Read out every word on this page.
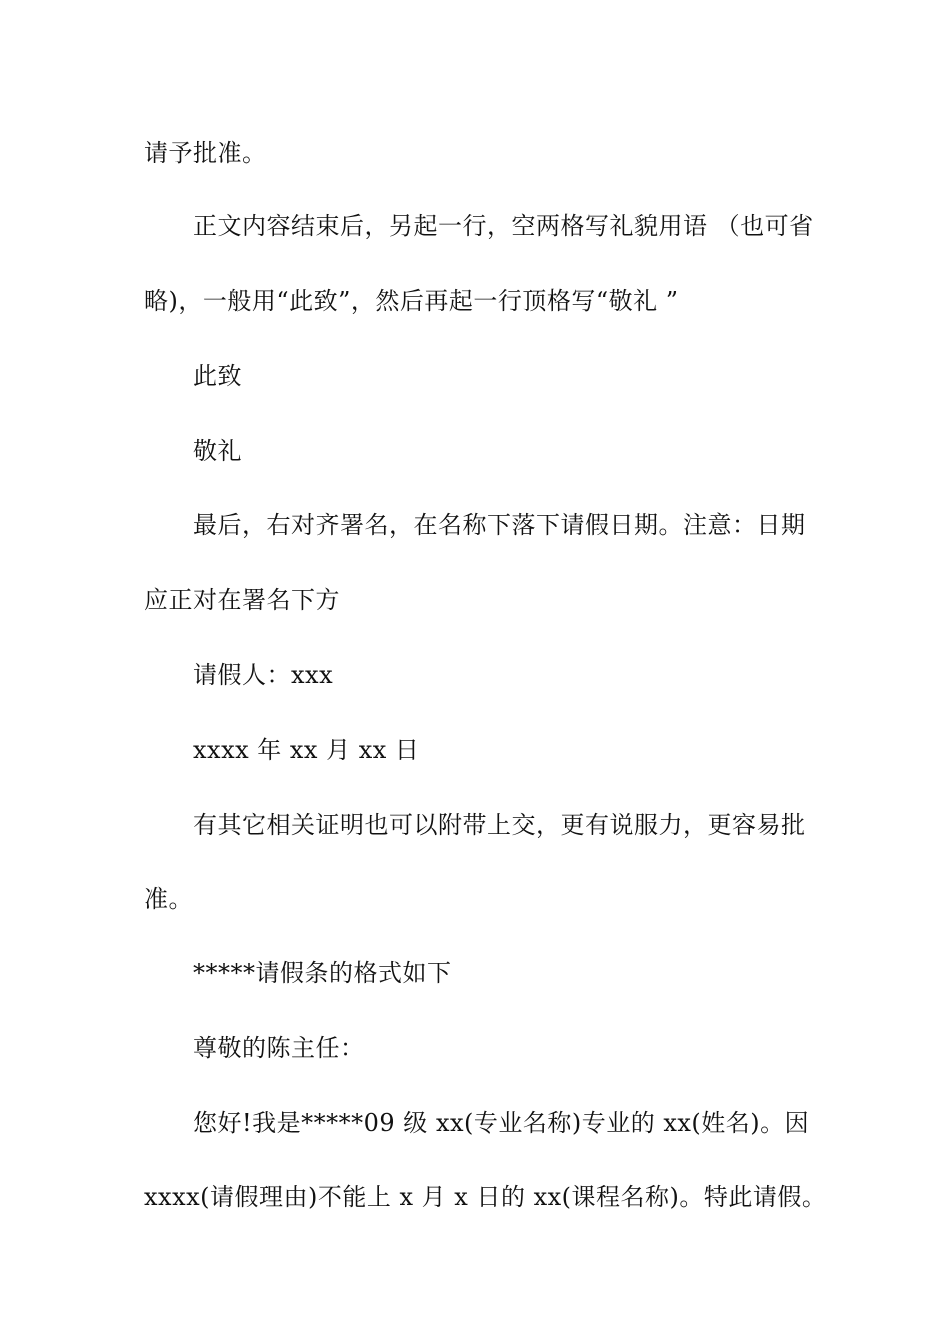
请予批准。
正文内容结束后，另起一行，空两格写礼貌用语 （也可省
略)，一般用“此致”，然后再起一行顶格写“敬礼 ”
此致
敬礼
最后，右对齐署名，在名称下落下请假日期。注意：日期
应正对在署名下方
请假人：xxx
xxxx 年 xx 月 xx 日
有其它相关证明也可以附带上交，更有说服力，更容易批
准。
*****请假条的格式如下
尊敬的陈主任：
您好!我是*****09 级 xx(专业名称)专业的 xx(姓名)。因
xxxx(请假理由)不能上 x 月 x 日的 xx(课程名称)。特此请假。
